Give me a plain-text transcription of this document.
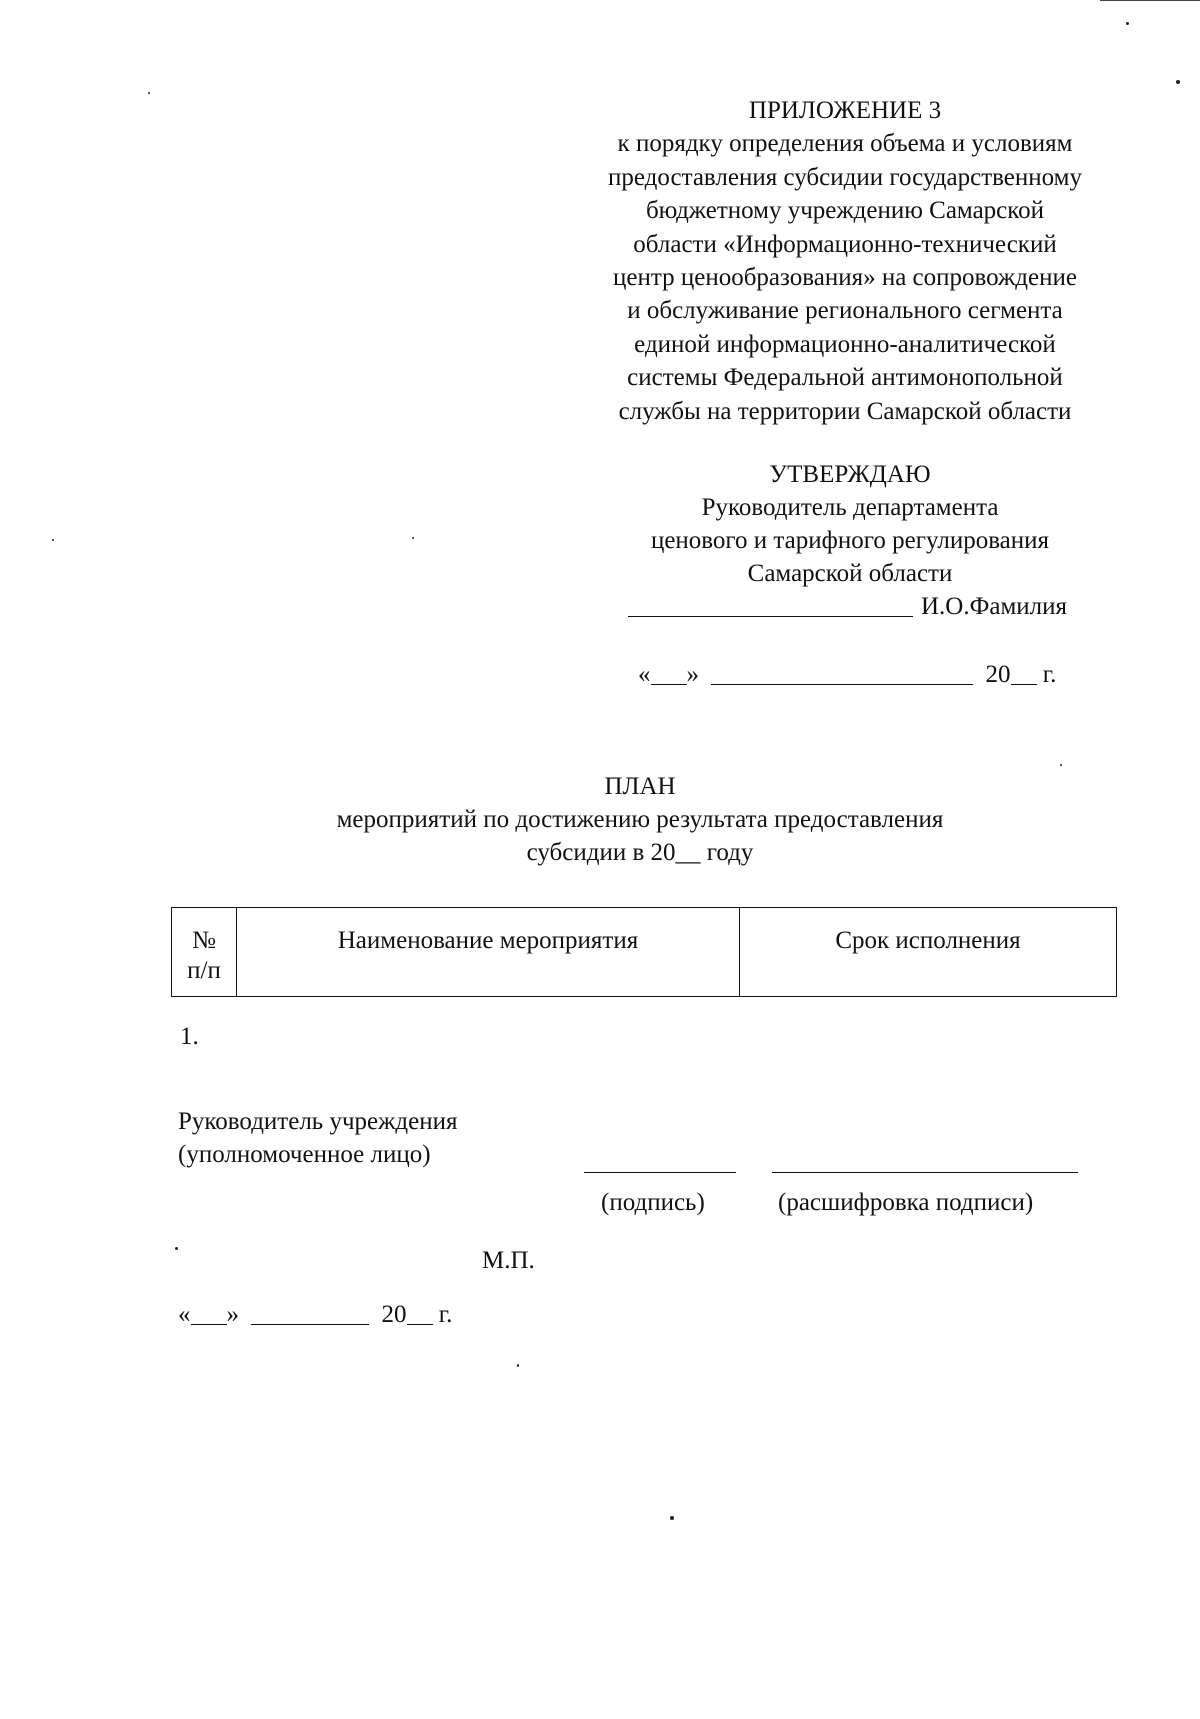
ПРИЛОЖЕНИЕ 3
к порядку определения объема и условиям
предоставления субсидии государственному
бюджетному учреждению Самарской
области «Информационно-технический
центр ценообразования» на сопровождение
и обслуживание регионального сегмента
единой информационно-аналитической
системы Федеральной антимонопольной
службы на территории Самарской области
УТВЕРЖДАЮ
Руководитель департамента
ценового и тарифного регулирования
Самарской области
И.О.Фамилия
« »	20 г.
ПЛАН
мероприятий по достижению результата предоставления
субсидии в 20__ году
№
п/п	Наименование мероприятия	Срок исполнения
1.
Руководитель учреждения
(уполномоченное лицо)
(подпись)	(расшифровка подписи)
М.П.
« »	20 г.
